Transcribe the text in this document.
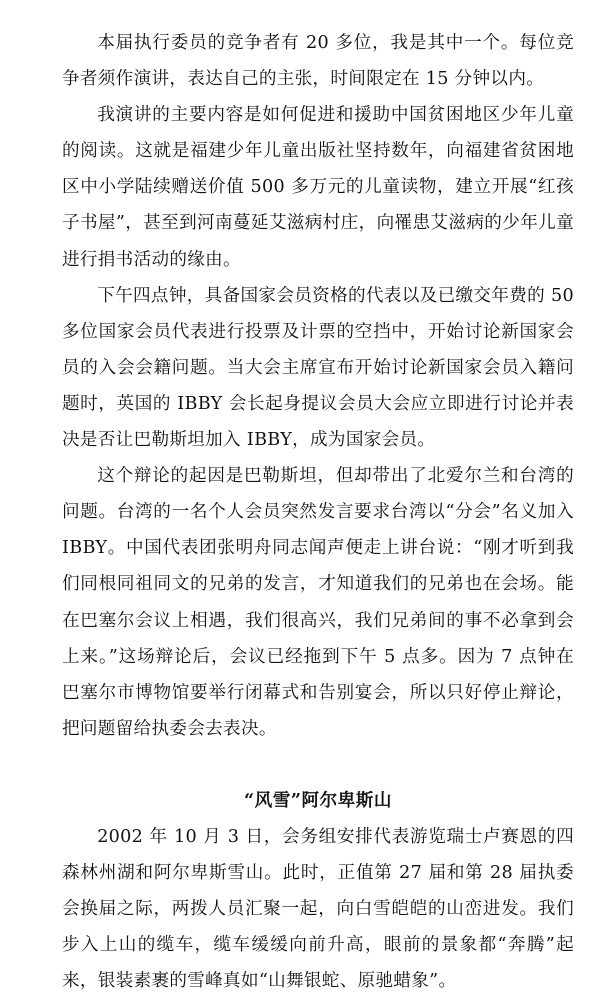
本届执行委员的竞争者有 20 多位，我是其中一个。每位竞争者须作演讲，表达自己的主张，时间限定在 15 分钟以内。

我演讲的主要内容是如何促进和援助中国贫困地区少年儿童的阅读。这就是福建少年儿童出版社坚持数年，向福建省贫困地区中小学陆续赠送价值 500 多万元的儿童读物，建立开展“红孩子书屋”，甚至到河南蔓延艾滋病村庄，向罹患艾滋病的少年儿童进行捐书活动的缘由。

下午四点钟，具备国家会员资格的代表以及已缴交年费的 50 多位国家会员代表进行投票及计票的空挡中，开始讨论新国家会员的入会会籍问题。当大会主席宣布开始讨论新国家会员入籍问题时，英国的 IBBY 会长起身提议会员大会应立即进行讨论并表决是否让巴勒斯坦加入 IBBY，成为国家会员。

这个辩论的起因是巴勒斯坦，但却带出了北爱尔兰和台湾的问题。台湾的一名个人会员突然发言要求台湾以“分会”名义加入 IBBY。中国代表团张明舟同志闻声便走上讲台说：“刚才听到我们同根同祖同文的兄弟的发言，才知道我们的兄弟也在会场。能在巴塞尔会议上相遇，我们很高兴，我们兄弟间的事不必拿到会上来。”这场辩论后，会议已经拖到下午 5 点多。因为 7 点钟在巴塞尔市博物馆要举行闭幕式和告别宴会，所以只好停止辩论，把问题留给执委会去表决。

“风雪”阿尔卑斯山

2002 年 10 月 3 日，会务组安排代表游览瑞士卢赛恩的四森林州湖和阿尔卑斯雪山。此时，正值第 27 届和第 28 届执委会换届之际，两拨人员汇聚一起，向白雪皑皑的山峦进发。我们步入上山的缆车，缆车缓缓向前升高，眼前的景象都“奔腾”起来，银装素裹的雪峰真如“山舞银蛇、原驰蜡象”。
